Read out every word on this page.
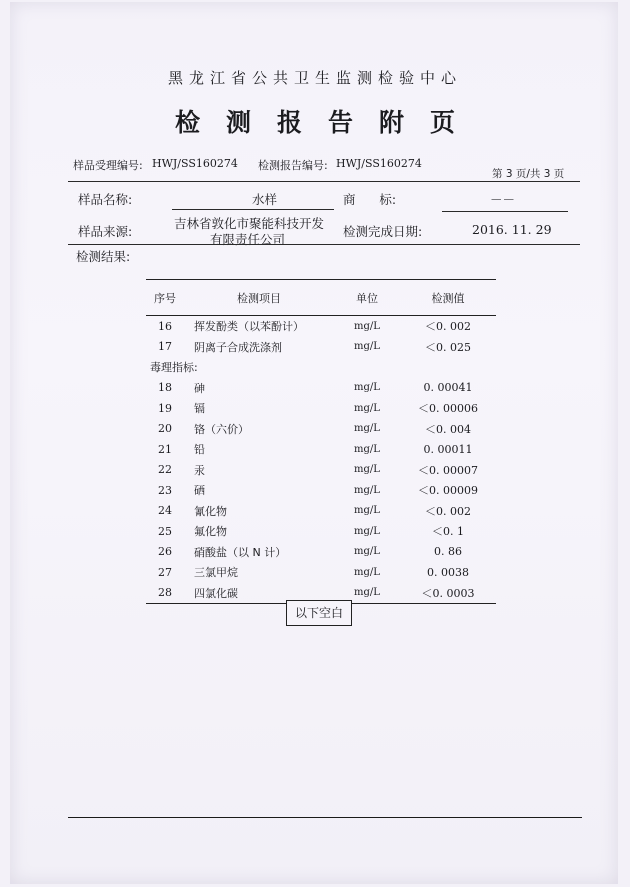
黑龙江省公共卫生监测检验中心
检测报告附页
样品受理编号: HWJ/SS160274 检测报告编号: HWJ/SS160274
第 3 页/共 3 页
样品名称:	水样	商      标:	－－
样品来源:
吉林省敦化市聚能科技开发
有限责任公司
检测完成日期:	2016. 11. 29
检测结果:
序号	检测项目	单位	检测值
16	挥发酚类（以苯酚计）	mg/L	＜0. 002
17	阴离子合成洗涤剂	mg/L	＜0. 025
毒理指标:			
18	砷	mg/L	0. 00041
19	镉	mg/L	＜0. 00006
20	铬（六价）	mg/L	＜0. 004
21	铅	mg/L	0. 00011
22	汞	mg/L	＜0. 00007
23	硒	mg/L	＜0. 00009
24	氰化物	mg/L	＜0. 002
25	氟化物	mg/L	＜0. 1
26	硝酸盐（以 N 计）	mg/L	0. 86
27	三氯甲烷	mg/L	0. 0038
28	四氯化碳	mg/L	＜0. 0003
以下空白
